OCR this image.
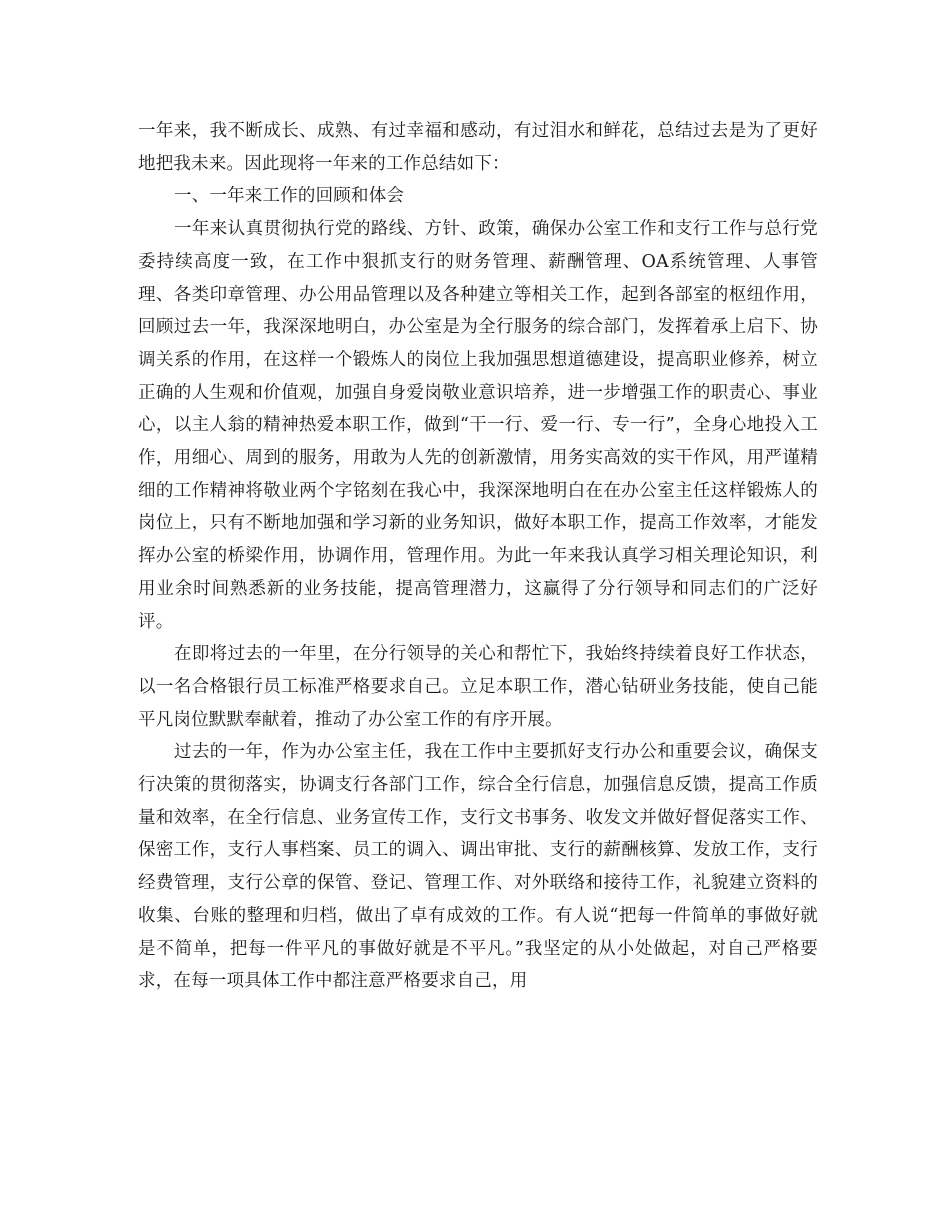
一年来，我不断成长、成熟、有过幸福和感动，有过泪水和鲜花，总结过去是为了更好地把我未来。因此现将一年来的工作总结如下：

一、一年来工作的回顾和体会

一年来认真贯彻执行党的路线、方针、政策，确保办公室工作和支行工作与总行党委持续高度一致，在工作中狠抓支行的财务管理、薪酬管理、OA系统管理、人事管理、各类印章管理、办公用品管理以及各种建立等相关工作，起到各部室的枢纽作用，回顾过去一年，我深深地明白，办公室是为全行服务的综合部门，发挥着承上启下、协调关系的作用，在这样一个锻炼人的岗位上我加强思想道德建设，提高职业修养，树立正确的人生观和价值观，加强自身爱岗敬业意识培养，进一步增强工作的职责心、事业心，以主人翁的精神热爱本职工作，做到“干一行、爱一行、专一行”，全身心地投入工作，用细心、周到的服务，用敢为人先的创新激情，用务实高效的实干作风，用严谨精细的工作精神将敬业两个字铭刻在我心中，我深深地明白在在办公室主任这样锻炼人的岗位上，只有不断地加强和学习新的业务知识，做好本职工作，提高工作效率，才能发挥办公室的桥梁作用，协调作用，管理作用。为此一年来我认真学习相关理论知识，利用业余时间熟悉新的业务技能，提高管理潜力，这赢得了分行领导和同志们的广泛好评。

在即将过去的一年里，在分行领导的关心和帮忙下，我始终持续着良好工作状态，以一名合格银行员工标准严格要求自己。立足本职工作，潜心钻研业务技能，使自己能平凡岗位默默奉献着，推动了办公室工作的有序开展。

过去的一年，作为办公室主任，我在工作中主要抓好支行办公和重要会议，确保支行决策的贯彻落实，协调支行各部门工作，综合全行信息，加强信息反馈，提高工作质量和效率，在全行信息、业务宣传工作，支行文书事务、收发文并做好督促落实工作、保密工作，支行人事档案、员工的调入、调出审批、支行的薪酬核算、发放工作，支行经费管理，支行公章的保管、登记、管理工作、对外联络和接待工作，礼貌建立资料的收集、台账的整理和归档，做出了卓有成效的工作。有人说“把每一件简单的事做好就是不简单，把每一件平凡的事做好就是不平凡。”我坚定的从小处做起，对自己严格要求，在每一项具体工作中都注意严格要求自己，用
